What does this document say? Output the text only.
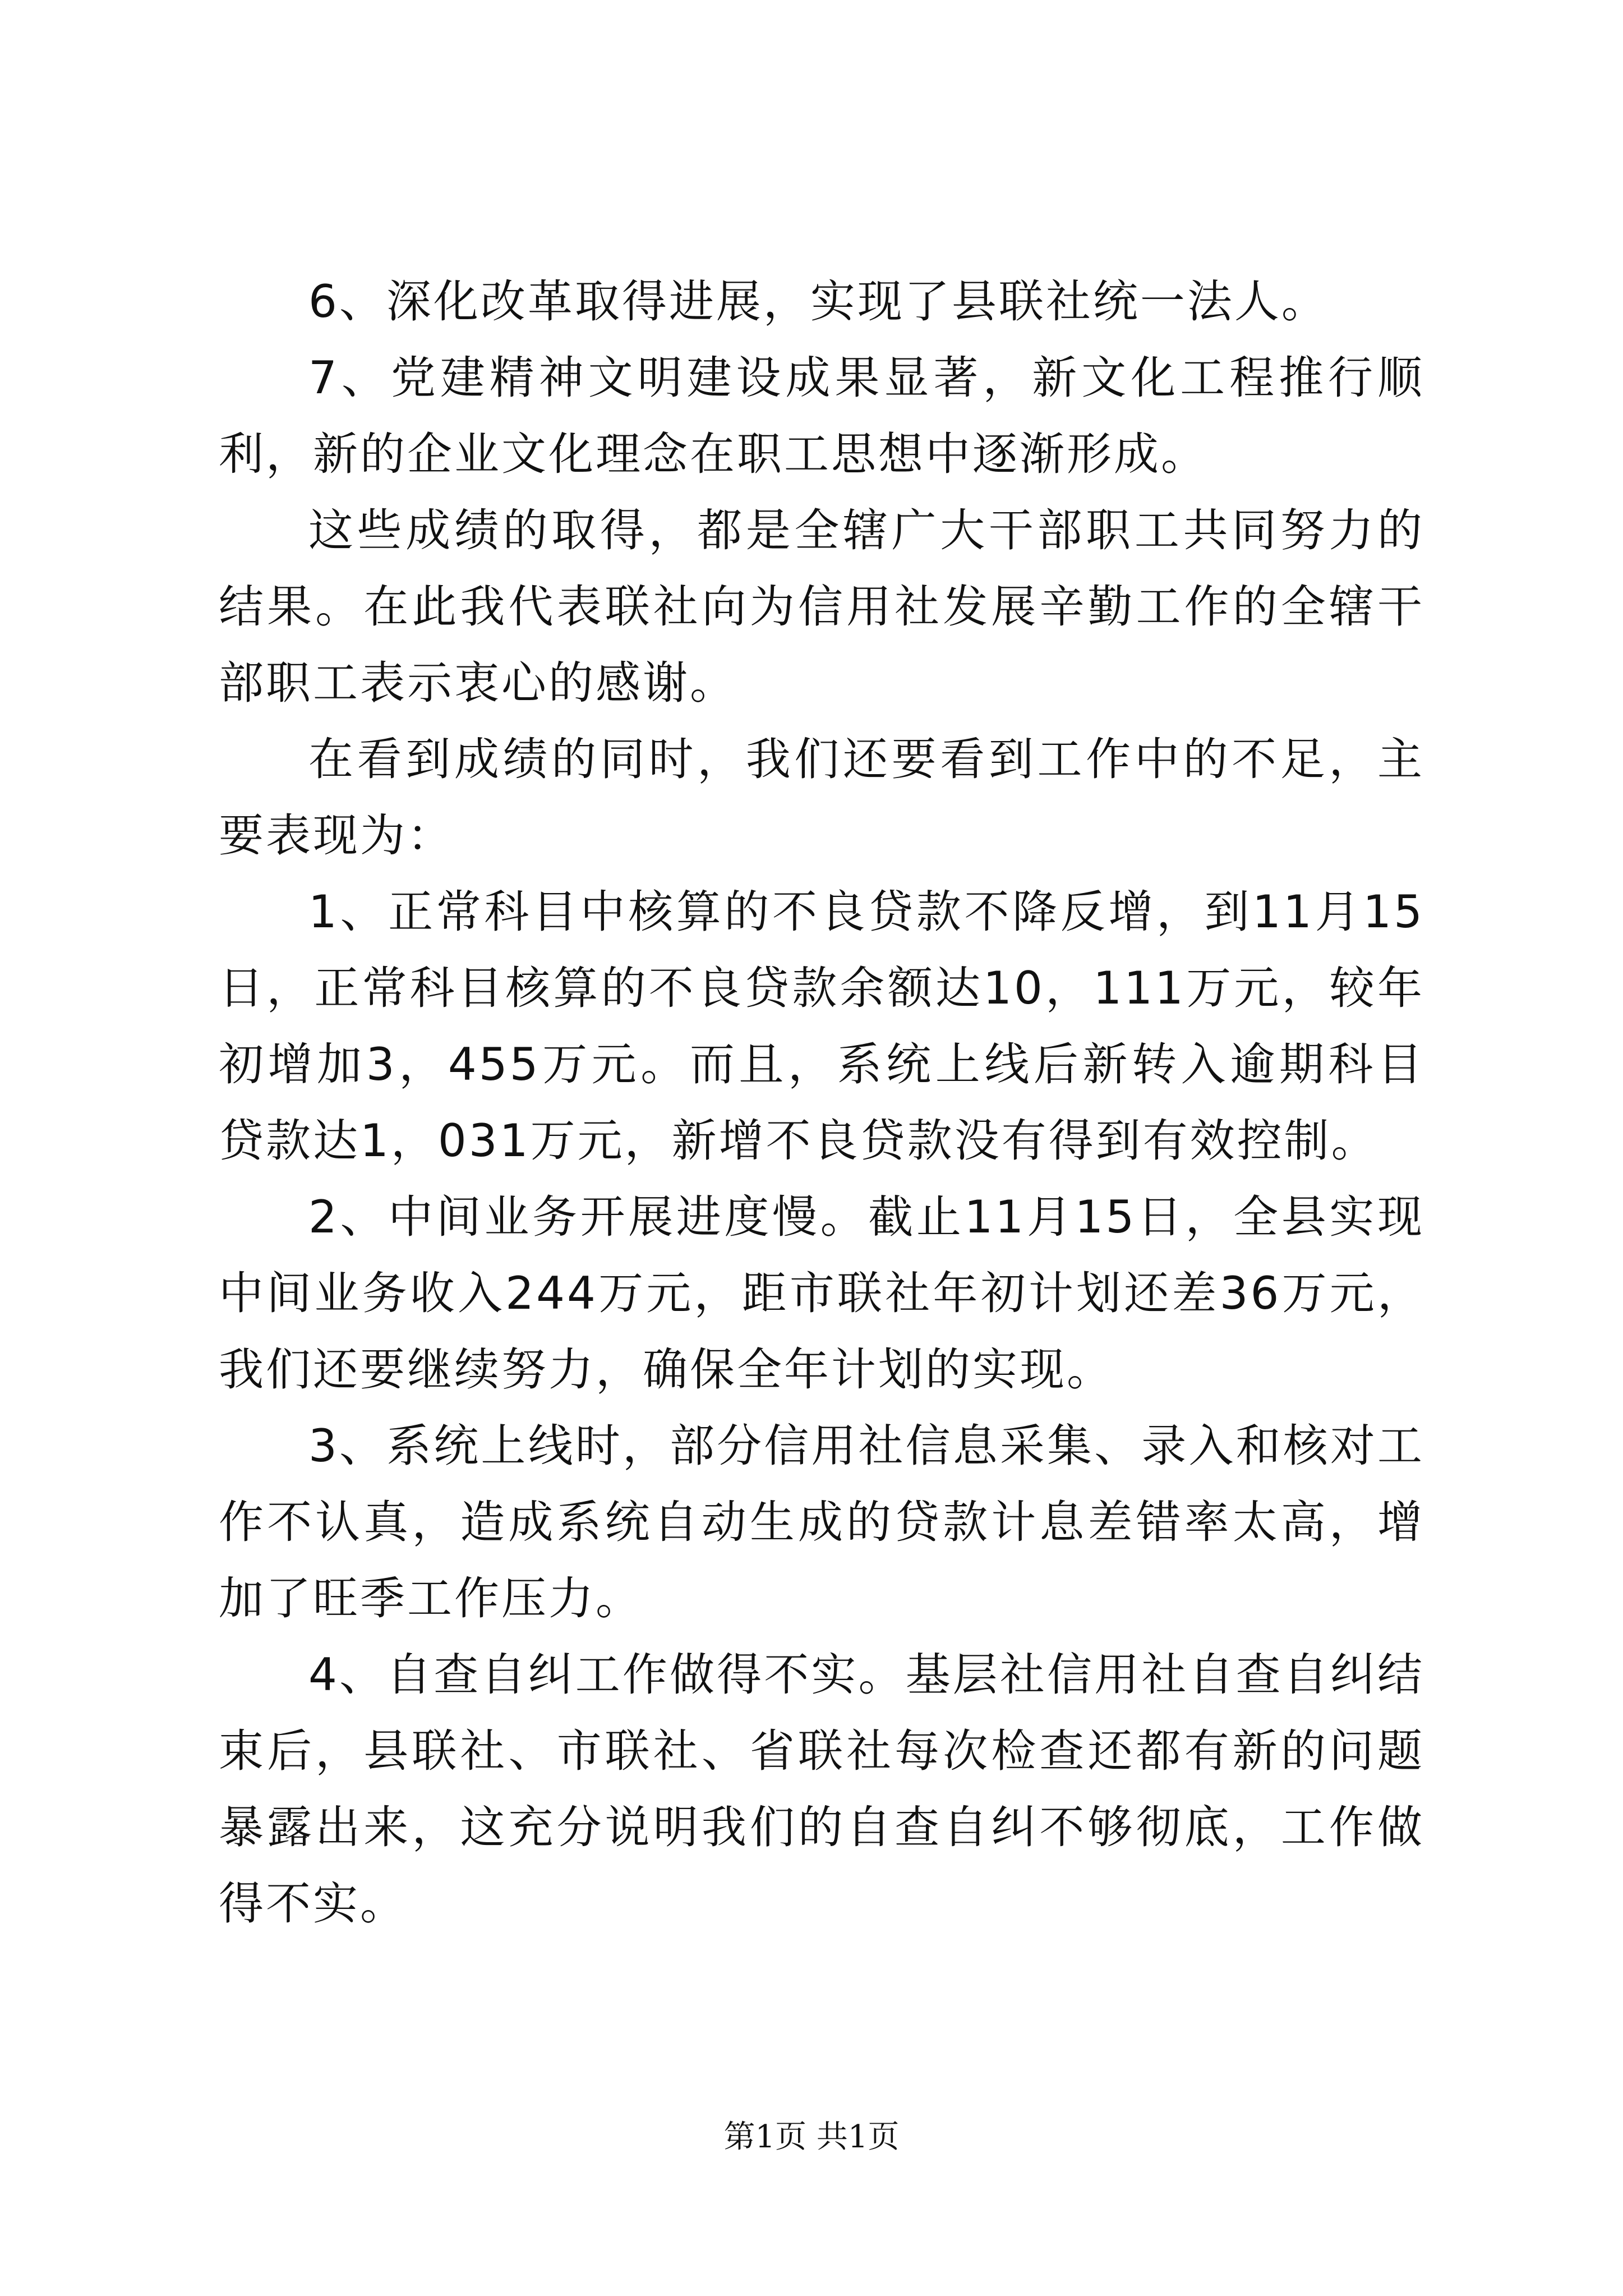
6、深化改革取得进展，实现了县联社统一法人。

7、党建精神文明建设成果显著，新文化工程推行顺利，新的企业文化理念在职工思想中逐渐形成。

这些成绩的取得，都是全辖广大干部职工共同努力的结果。在此我代表联社向为信用社发展辛勤工作的全辖干部职工表示衷心的感谢。

在看到成绩的同时，我们还要看到工作中的不足，主要表现为：

1、正常科目中核算的不良贷款不降反增，到11月15日，正常科目核算的不良贷款余额达10，111万元，较年初增加3，455万元。而且，系统上线后新转入逾期科目贷款达1，031万元，新增不良贷款没有得到有效控制。

2、中间业务开展进度慢。截止11月15日，全县实现中间业务收入244万元，距市联社年初计划还差36万元，我们还要继续努力，确保全年计划的实现。

3、系统上线时，部分信用社信息采集、录入和核对工作不认真，造成系统自动生成的贷款计息差错率太高，增加了旺季工作压力。

4、自查自纠工作做得不实。基层社信用社自查自纠结束后，县联社、市联社、省联社每次检查还都有新的问题暴露出来，这充分说明我们的自查自纠不够彻底，工作做得不实。

第1页 共1页
